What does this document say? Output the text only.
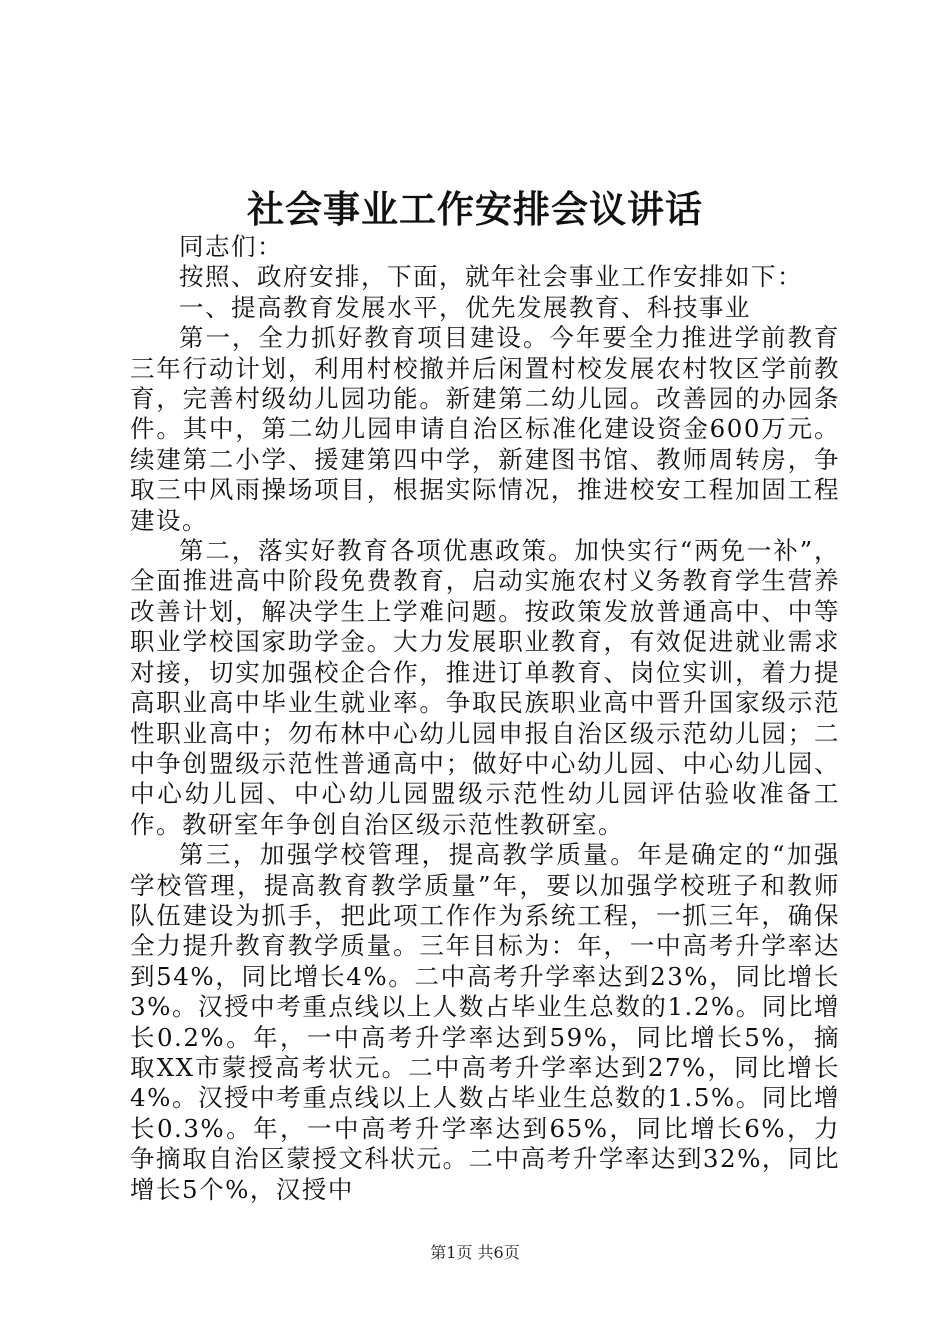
社会事业工作安排会议讲话

同志们：

按照、政府安排，下面，就年社会事业工作安排如下：

一、提高教育发展水平，优先发展教育、科技事业

第一，全力抓好教育项目建设。今年要全力推进学前教育三年行动计划，利用村校撤并后闲置村校发展农村牧区学前教育，完善村级幼儿园功能。新建第二幼儿园。改善园的办园条件。其中，第二幼儿园申请自治区标准化建设资金600万元。续建第二小学、援建第四中学，新建图书馆、教师周转房，争取三中风雨操场项目，根据实际情况，推进校安工程加固工程建设。

第二，落实好教育各项优惠政策。加快实行“两免一补”，全面推进高中阶段免费教育，启动实施农村义务教育学生营养改善计划，解决学生上学难问题。按政策发放普通高中、中等职业学校国家助学金。大力发展职业教育，有效促进就业需求对接，切实加强校企合作，推进订单教育、岗位实训，着力提高职业高中毕业生就业率。争取民族职业高中晋升国家级示范性职业高中；勿布林中心幼儿园申报自治区级示范幼儿园；二中争创盟级示范性普通高中；做好中心幼儿园、中心幼儿园、中心幼儿园、中心幼儿园盟级示范性幼儿园评估验收准备工作。教研室年争创自治区级示范性教研室。

第三，加强学校管理，提高教学质量。年是确定的“加强学校管理，提高教育教学质量”年，要以加强学校班子和教师队伍建设为抓手，把此项工作作为系统工程，一抓三年，确保全力提升教育教学质量。三年目标为：年，一中高考升学率达到54%，同比增长4%。二中高考升学率达到23%，同比增长3%。汉授中考重点线以上人数占毕业生总数的1.2%。同比增长0.2%。年，一中高考升学率达到59%，同比增长5%，摘取XX市蒙授高考状元。二中高考升学率达到27%，同比增长4%。汉授中考重点线以上人数占毕业生总数的1.5%。同比增长0.3%。年，一中高考升学率达到65%，同比增长6%，力争摘取自治区蒙授文科状元。二中高考升学率达到32%，同比增长5个%，汉授中

第1页 共6页
